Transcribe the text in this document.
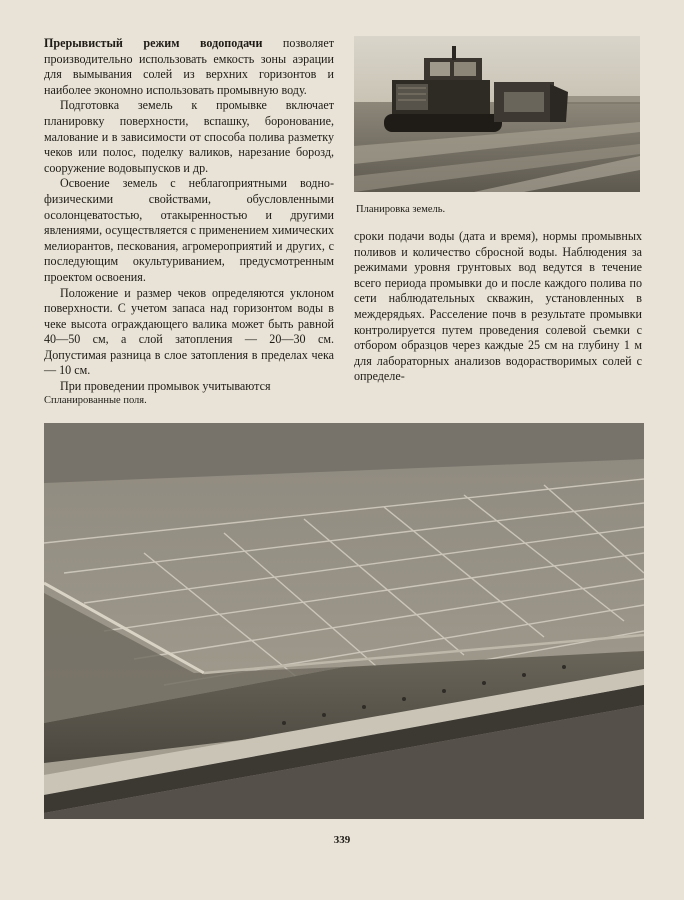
Прерывистый режим водоподачи позволяет производительно использовать емкость зоны аэрации для вымывания солей из верхних горизонтов и наиболее экономно использовать промывную воду.

Подготовка земель к промывке включает планировку поверхности, вспашку, боронование, малование и в зависимости от способа полива разметку чеков или полос, поделку валиков, нарезание борозд, сооружение водовыпусков и др.

Освоение земель с неблагоприятными водно-физическими свойствами, обусловленными осолонцеватостью, отакыренностью и другими явлениями, осуществляется с применением химических мелиорантов, пескования, агромероприятий и других, с последующим окультуриванием, предусмотренным проектом освоения.

Положение и размер чеков определяются уклоном поверхности. С учетом запаса над горизонтом воды в чеке высота ограждающего валика может быть равной 40—50 см, а слой затопления — 20—30 см. Допустимая разница в слое затопления в пределах чека — 10 см.

При проведении промывок учитываются

Планировка земель.

сроки подачи воды (дата и время), нормы промывных поливов и количество сбросной воды. Наблюдения за режимами уровня грунтовых вод ведутся в течение всего периода промывки до и после каждого полива по сети наблюдательных скважин, установленных в междерядьях. Расселение почв в результате промывки контролируется путем проведения солевой съемки с отбором образцов через каждые 25 см на глубину 1 м для лабораторных анализов водорастворимых солей с определе-

Спланированные поля.
339
